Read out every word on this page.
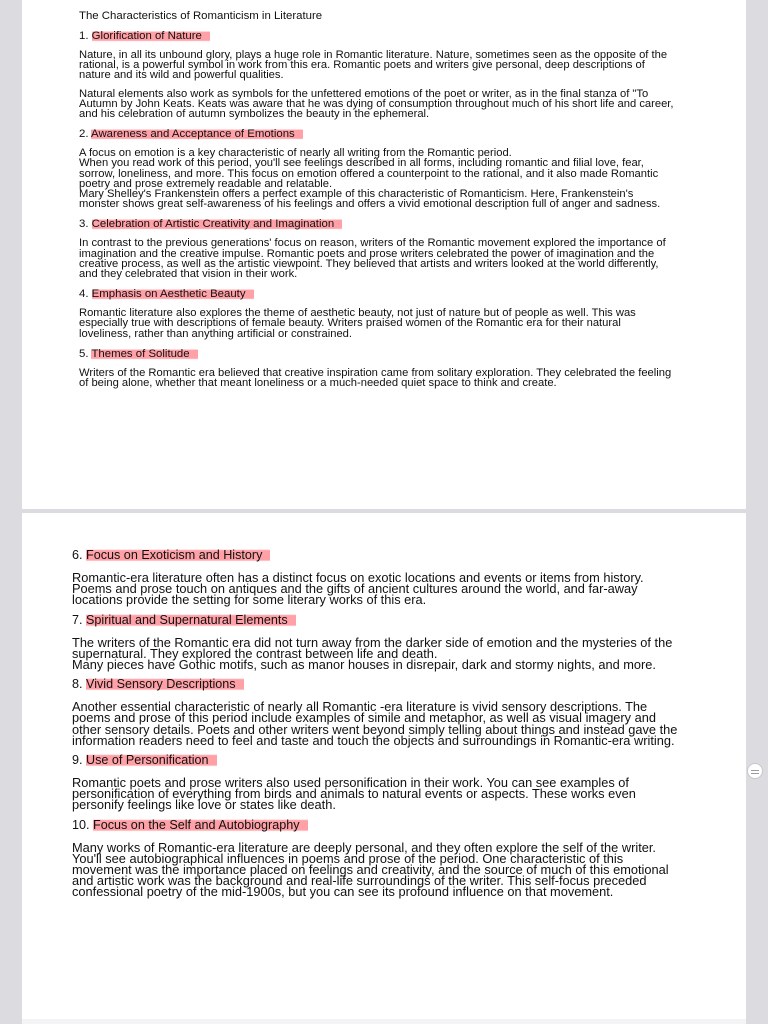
The Characteristics of Romanticism in Literature
1. Glorification of Nature
Nature, in all its unbound glory, plays a huge role in Romantic literature. Nature, sometimes seen as the opposite of the rational, is a powerful symbol in work from this era. Romantic poets and writers give personal, deep descriptions of nature and its wild and powerful qualities.
Natural elements also work as symbols for the unfettered emotions of the poet or writer, as in the final stanza of "To Autumn by John Keats. Keats was aware that he was dying of consumption throughout much of his short life and career, and his celebration of autumn symbolizes the beauty in the ephemeral.
2. Awareness and Acceptance of Emotions
A focus on emotion is a key characteristic of nearly all writing from the Romantic period.
When you read work of this period, you'll see feelings described in all forms, including romantic and filial love, fear, sorrow, loneliness, and more. This focus on emotion offered a counterpoint to the rational, and it also made Romantic poetry and prose extremely readable and relatable.
Mary Shelley's Frankenstein offers a perfect example of this characteristic of Romanticism. Here, Frankenstein's monster shows great self-awareness of his feelings and offers a vivid emotional description full of anger and sadness.
3. Celebration of Artistic Creativity and Imagination
In contrast to the previous generations' focus on reason, writers of the Romantic movement explored the importance of imagination and the creative impulse. Romantic poets and prose writers celebrated the power of imagination and the creative process, as well as the artistic viewpoint. They believed that artists and writers looked at the world differently, and they celebrated that vision in their work.
4. Emphasis on Aesthetic Beauty
Romantic literature also explores the theme of aesthetic beauty, not just of nature but of people as well. This was especially true with descriptions of female beauty. Writers praised women of the Romantic era for their natural loveliness, rather than anything artificial or constrained.
5. Themes of Solitude
Writers of the Romantic era believed that creative inspiration came from solitary exploration. They celebrated the feeling of being alone, whether that meant loneliness or a much-needed quiet space to think and create.
6. Focus on Exoticism and History
Romantic-era literature often has a distinct focus on exotic locations and events or items from history. Poems and prose touch on antiques and the gifts of ancient cultures around the world, and far-away locations provide the setting for some literary works of this era.
7. Spiritual and Supernatural Elements
The writers of the Romantic era did not turn away from the darker side of emotion and the mysteries of the supernatural. They explored the contrast between life and death.
Many pieces have Gothic motifs, such as manor houses in disrepair, dark and stormy nights, and more.
8. Vivid Sensory Descriptions
Another essential characteristic of nearly all Romantic -era literature is vivid sensory descriptions. The poems and prose of this period include examples of simile and metaphor, as well as visual imagery and other sensory details. Poets and other writers went beyond simply telling about things and instead gave the information readers need to feel and taste and touch the objects and surroundings in Romantic-era writing.
9. Use of Personification
Romantic poets and prose writers also used personification in their work. You can see examples of personification of everything from birds and animals to natural events or aspects. These works even personify feelings like love or states like death.
10. Focus on the Self and Autobiography
Many works of Romantic-era literature are deeply personal, and they often explore the self of the writer. You'll see autobiographical influences in poems and prose of the period. One characteristic of this movement was the importance placed on feelings and creativity, and the source of much of this emotional and artistic work was the background and real-life surroundings of the writer. This self-focus preceded confessional poetry of the mid-1900s, but you can see its profound influence on that movement.
